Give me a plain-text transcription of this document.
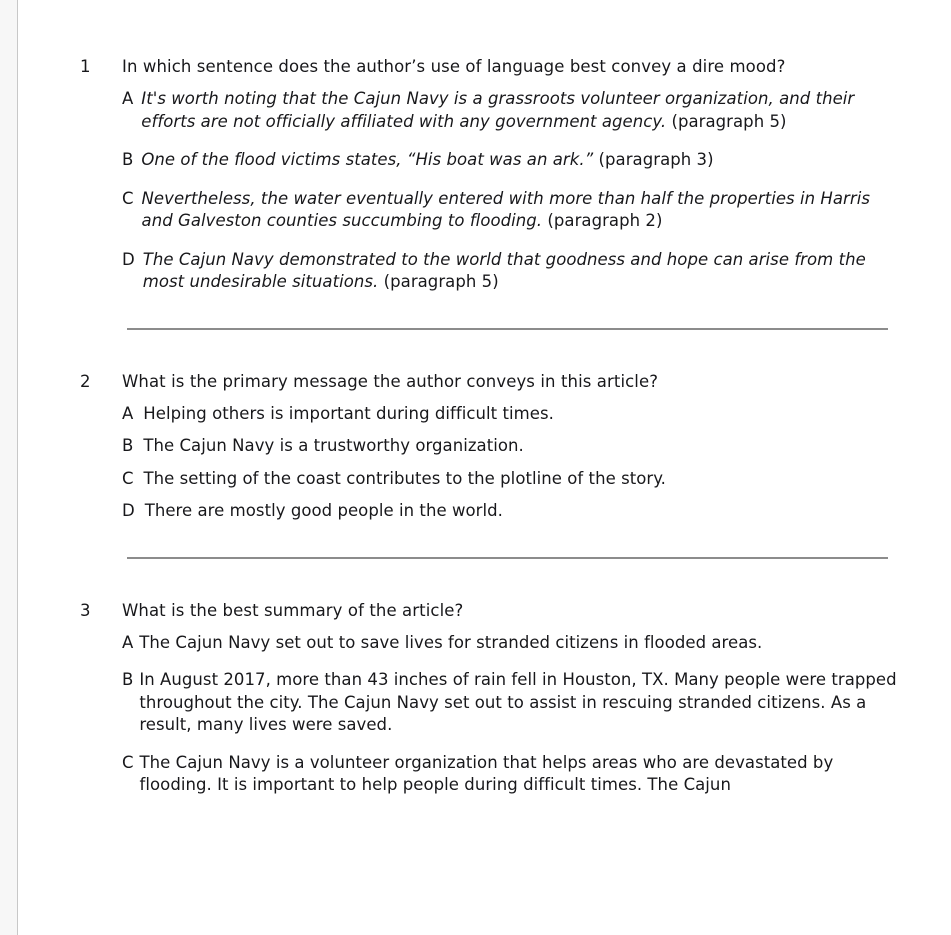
1	In which sentence does the author’s use of language best convey a dire mood?
A It's worth noting that the Cajun Navy is a grassroots volunteer organization, and their efforts are not officially affiliated with any government agency. (paragraph 5)
B One of the flood victims states, “His boat was an ark.” (paragraph 3)
C Nevertheless, the water eventually entered with more than half the properties in Harris and Galveston counties succumbing to flooding. (paragraph 2)
D The Cajun Navy demonstrated to the world that goodness and hope can arise from the most undesirable situations. (paragraph 5)
2	What is the primary message the author conveys in this article?
A Helping others is important during difficult times.
B The Cajun Navy is a trustworthy organization.
C The setting of the coast contributes to the plotline of the story.
D There are mostly good people in the world.
3	What is the best summary of the article?
A The Cajun Navy set out to save lives for stranded citizens in flooded areas.
B In August 2017, more than 43 inches of rain fell in Houston, TX. Many people were trapped throughout the city. The Cajun Navy set out to assist in rescuing stranded citizens. As a result, many lives were saved.
C The Cajun Navy is a volunteer organization that helps areas who are devastated by flooding. It is important to help people during difficult times. The Cajun
